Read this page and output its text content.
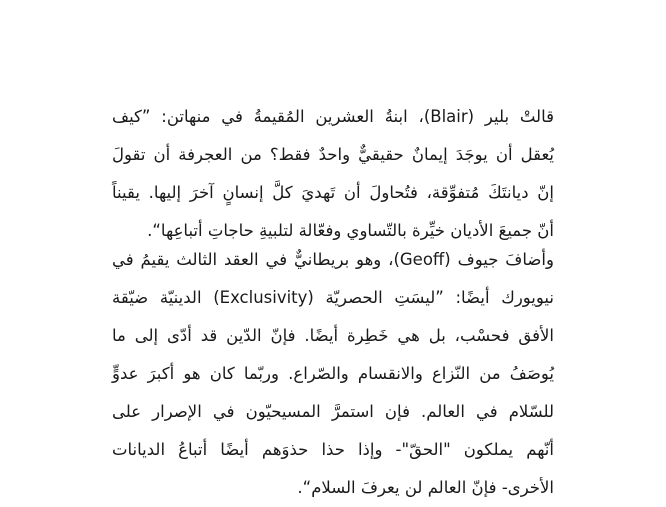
قالتْ بلير (Blair)، ابنةُ العشرين المُقيمةُ في منهاتن: ”كيف
يُعقل أن يوجَدَ إيمانٌ حقيقيٌّ واحدٌ فقط؟ من العجرفة أن تقولَ
إنّ ديانتَكَ مُتفوِّقة، فتُحاولَ أن تَهديَ كلَّ إنسانٍ آخرَ إليها. يقيناً
أنّ جميعَ الأديان خيِّرة بالتّساوي وفعّالة لتلبيةِ حاجاتِ أتباعِها“.
وأضافَ جيوف (Geoff)، وهو بريطانيٌّ في العقد الثالث يقيمُ في
نيويورك أيضًا: ”ليسَتِ الحصريّة (Exclusivity) الدينيّة ضيّقة
الأفق فحسْب، بل هي خَطِرة أيضًا. فإنّ الدّين قد أدّى إلى ما
يُوصَفُ من النّزاع والانقسام والصّراع. وربّما كان هو أكبرَ عدوٍّ
للسّلام في العالم. فإن استمرَّ المسيحيّون في الإصرار على
أنّهم يملكون "الحقّ"- وإذا حذا حذوَهم أيضًا أتباعُ الديانات
الأخرى- فإنّ العالم لن يعرفَ السلام“.
